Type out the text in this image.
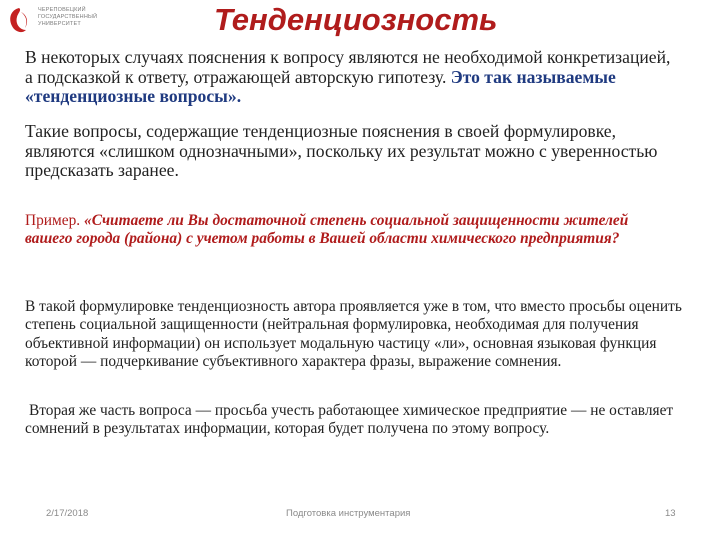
ЧЕРЕПОВЕЦКИЙ
ГОСУДАРСТВЕННЫЙ
УНИВЕРСИТЕТ	Тенденциозность

В некоторых случаях пояснения к вопросу являются не необходимой конкретизацией, а подсказкой к ответу, отражающей авторскую гипотезу. Это так называемые «тенденциозные вопросы».

Такие вопросы, содержащие тенденциозные пояснения в своей формулировке, являются «слишком однозначными», поскольку их результат можно с уверенностью предсказать заранее.

Пример. «Считаете ли Вы достаточной степень социальной защищенности жителей вашего города (района) с учетом работы в Вашей области химического предприятия?

В такой формулировке тенденциозность автора проявляется уже в том, что вместо просьбы оценить степень социальной защищенности (нейтральная формулировка, необходимая для получения объективной информации) он использует модальную частицу «ли», основная языковая функция которой — подчеркивание субъективного характера фразы, выражение сомнения.

Вторая же часть вопроса — просьба учесть работающее химическое предприятие — не оставляет сомнений в результатах информации, которая будет получена по этому вопросу.

2/17/2018	Подготовка инструментария	13
